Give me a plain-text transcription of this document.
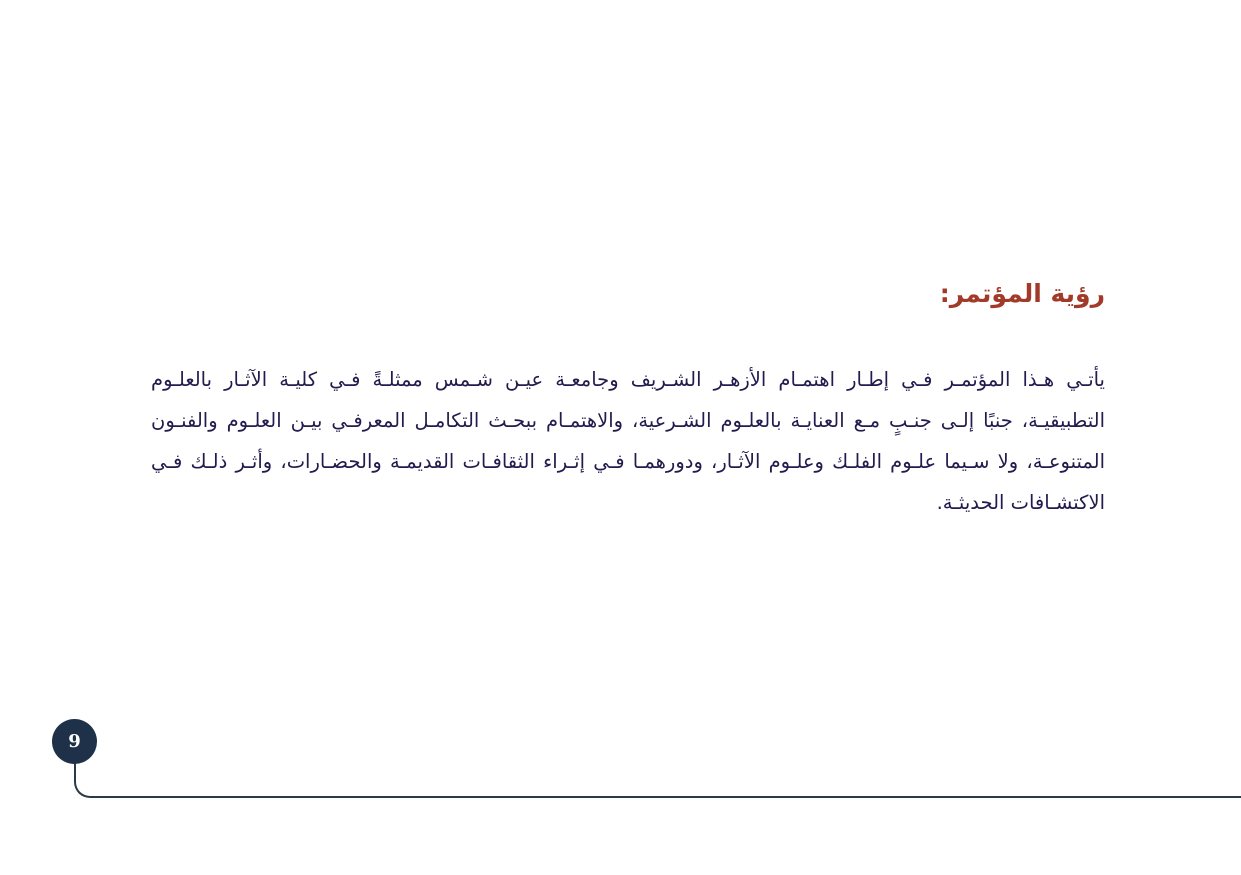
رؤية المؤتمر:

يأتـي هـذا المؤتمـر فـي إطـار اهتمـام الأزهـر الشـريف وجامعـة عيـن شـمس ممثلـةً فـي كليـة الآثـار بالعلـوم التطبيقيـة، جنبًا إلـى جنـبٍ مـع العنايـة بالعلـوم الشـرعية، والاهتمـام ببحـث التكامـل المعرفـي بيـن العلـوم والفنـون المتنوعـة، ولا سـيما علـوم الفلـك وعلـوم الآثـار، ودورهمـا فـي إثـراء الثقافـات القديمـة والحضـارات، وأثـر ذلـك فـي الاكتشـافات الحديثـة.

9
